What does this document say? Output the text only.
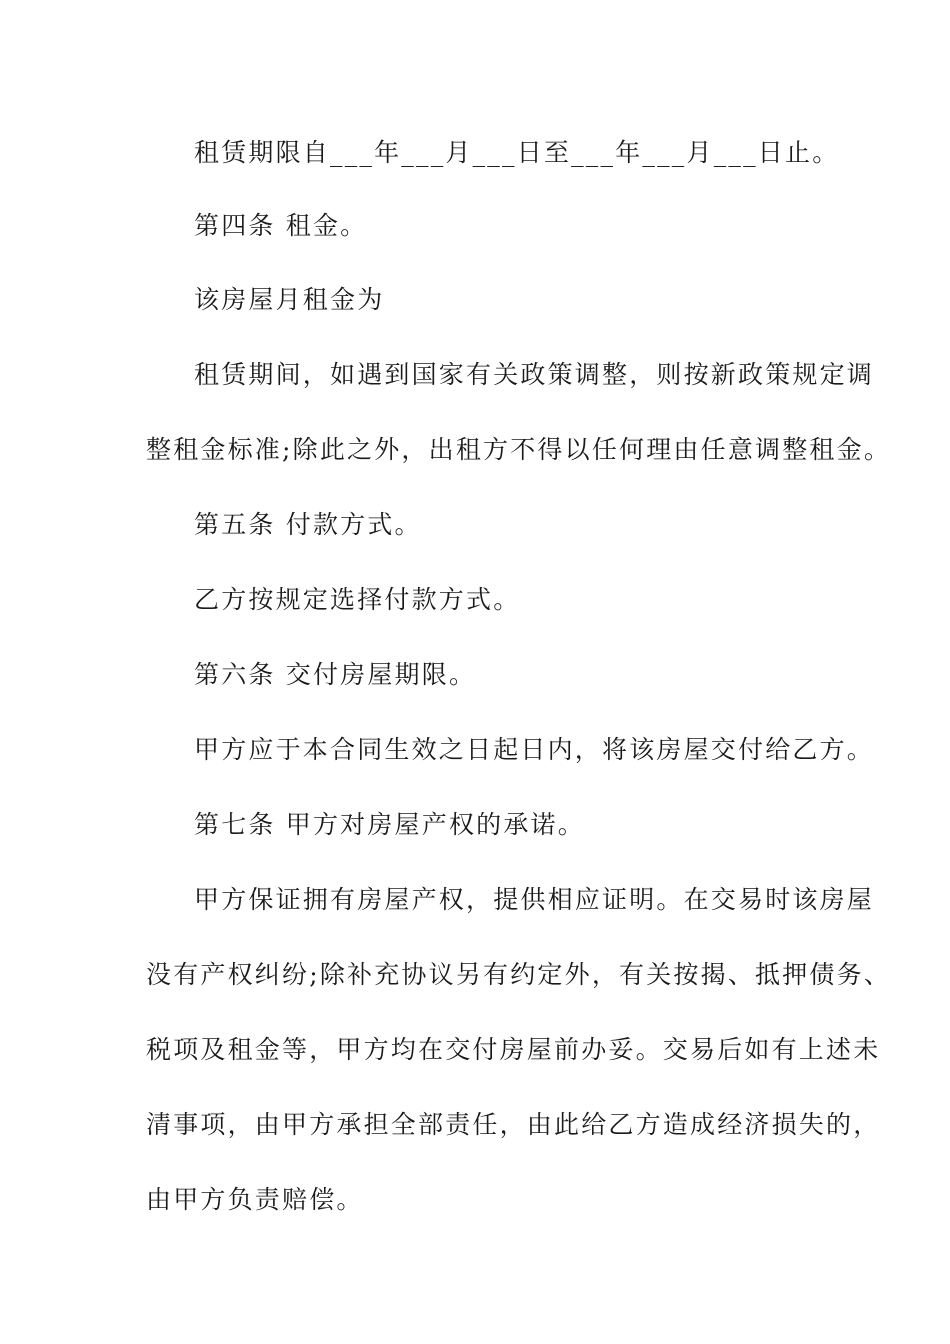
租赁期限自___年___月___日至___年___月___日止。
第四条 租金。
该房屋月租金为
租赁期间，如遇到国家有关政策调整，则按新政策规定调
整租金标准;除此之外，出租方不得以任何理由任意调整租金。
第五条 付款方式。
乙方按规定选择付款方式。
第六条 交付房屋期限。
甲方应于本合同生效之日起日内，将该房屋交付给乙方。
第七条 甲方对房屋产权的承诺。
甲方保证拥有房屋产权，提供相应证明。在交易时该房屋
没有产权纠纷;除补充协议另有约定外，有关按揭、抵押债务、
税项及租金等，甲方均在交付房屋前办妥。交易后如有上述未
清事项，由甲方承担全部责任，由此给乙方造成经济损失的，
由甲方负责赔偿。
